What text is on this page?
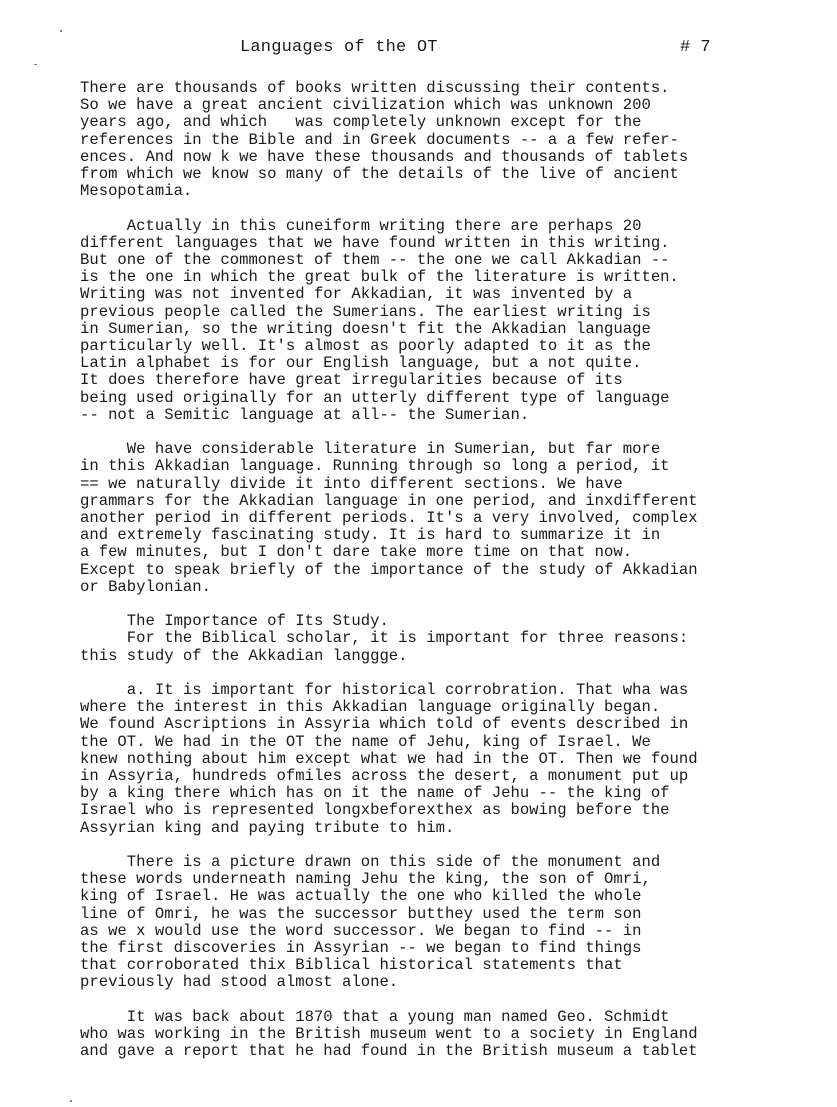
Languages of the OT	# 7
There are thousands of books written discussing their contents.
So we have a great ancient civilization which was unknown 200
years ago, and which   was completely unknown except for the
references in the Bible and in Greek documents -- a a few refer-
ences. And now k we have these thousands and thousands of tablets
from which we know so many of the details of the live of ancient
Mesopotamia.
Actually in this cuneiform writing there are perhaps 20
different languages that we have found written in this writing.
But one of the commonest of them -- the one we call Akkadian --
is the one in which the great bulk of the literature is written.
Writing was not invented for Akkadian, it was invented by a
previous people called the Sumerians. The earliest writing is
in Sumerian, so the writing doesn't fit the Akkadian language
particularly well. It's almost as poorly adapted to it as the
Latin alphabet is for our English language, but a not quite.
It does therefore have great irregularities because of its
being used originally for an utterly different type of language
-- not a Semitic language at all-- the Sumerian.
We have considerable literature in Sumerian, but far more
in this Akkadian language. Running through so long a period, it
== we naturally divide it into different sections. We have
grammars for the Akkadian language in one period, and inxdifferent
another period in different periods. It's a very involved, complex
and extremely fascinating study. It is hard to summarize it in
a few minutes, but I don't dare take more time on that now.
Except to speak briefly of the importance of the study of Akkadian
or Babylonian.
The Importance of Its Study.
For the Biblical scholar, it is important for three reasons:
this study of the Akkadian langgge.
a. It is important for historical corrobration. That wha was
where the interest in this Akkadian language originally began.
We found Ascriptions in Assyria which told of events described in
the OT. We had in the OT the name of Jehu, king of Israel. We
knew nothing about him except what we had in the OT. Then we found
in Assyria, hundreds ofmiles across the desert, a monument put up
by a king there which has on it the name of Jehu -- the king of
Israel who is represented longxbeforexthex as bowing before the
Assyrian king and paying tribute to him.
There is a picture drawn on this side of the monument and
these words underneath naming Jehu the king, the son of Omri,
king of Israel. He was actually the one who killed the whole
line of Omri, he was the successor butthey used the term son
as we x would use the word successor. We began to find -- in
the first discoveries in Assyrian -- we began to find things
that corroborated thix Biblical historical statements that
previously had stood almost alone.
It was back about 1870 that a young man named Geo. Schmidt
who was working in the British museum went to a society in England
and gave a report that he had found in the British museum a tablet
